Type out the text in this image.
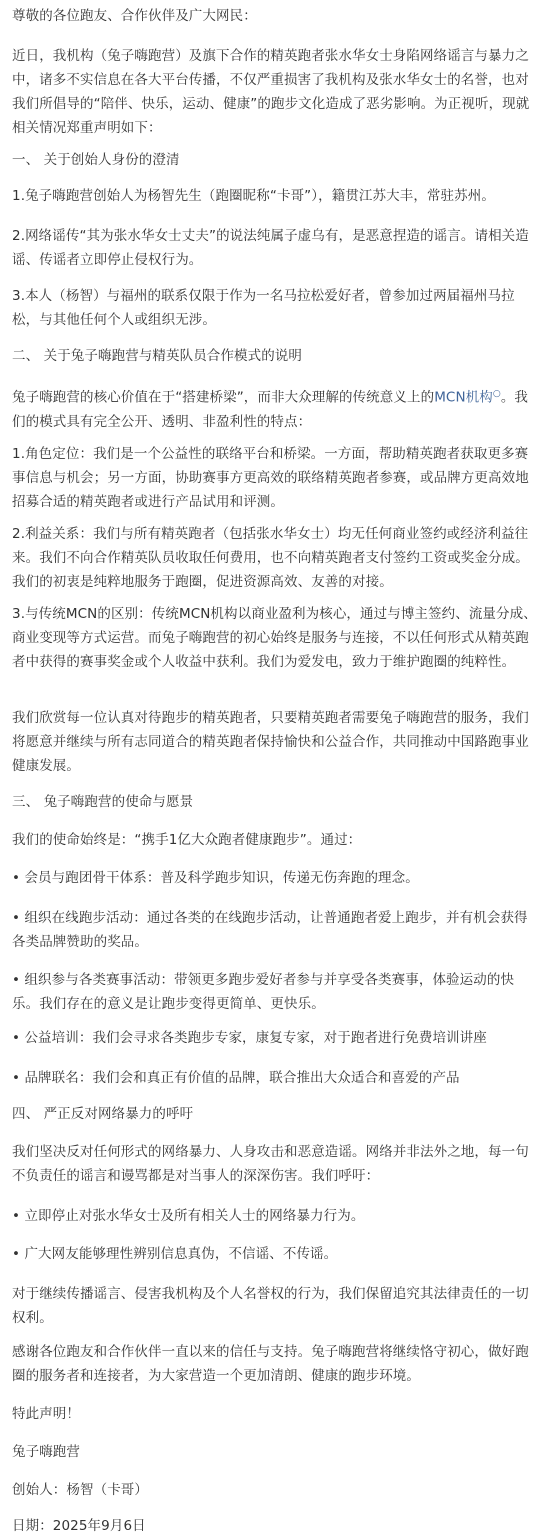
尊敬的各位跑友、合作伙伴及广大网民：

近日，我机构（兔子嗨跑营）及旗下合作的精英跑者张水华女士身陷网络谣言与暴力之中，诸多不实信息在各大平台传播，不仅严重损害了我机构及张水华女士的名誉，也对我们所倡导的“陪伴、快乐，运动、健康”的跑步文化造成了恶劣影响。为正视听，现就相关情况郑重声明如下：

一、 关于创始人身份的澄清

1.兔子嗨跑营创始人为杨智先生（跑圈昵称“卡哥”），籍贯江苏大丰，常驻苏州。

2.网络谣传“其为张水华女士丈夫”的说法纯属子虚乌有，是恶意捏造的谣言。请相关造谣、传谣者立即停止侵权行为。

3.本人（杨智）与福州的联系仅限于作为一名马拉松爱好者，曾参加过两届福州马拉松，与其他任何个人或组织无涉。

二、 关于兔子嗨跑营与精英队员合作模式的说明

兔子嗨跑营的核心价值在于“搭建桥梁”，而非大众理解的传统意义上的MCN机构○。我们的模式具有完全公开、透明、非盈利性的特点：

1.角色定位：我们是一个公益性的联络平台和桥梁。一方面，帮助精英跑者获取更多赛事信息与机会；另一方面，协助赛事方更高效的联络精英跑者参赛，或品牌方更高效地招募合适的精英跑者或进行产品试用和评测。

2.利益关系：我们与所有精英跑者（包括张水华女士）均无任何商业签约或经济利益往来。我们不向合作精英队员收取任何费用，也不向精英跑者支付签约工资或奖金分成。我们的初衷是纯粹地服务于跑圈，促进资源高效、友善的对接。

3.与传统MCN的区别：传统MCN机构以商业盈利为核心，通过与博主签约、流量分成、商业变现等方式运营。而兔子嗨跑营的初心始终是服务与连接，不以任何形式从精英跑者中获得的赛事奖金或个人收益中获利。我们为爱发电，致力于维护跑圈的纯粹性。

我们欣赏每一位认真对待跑步的精英跑者，只要精英跑者需要兔子嗨跑营的服务，我们将愿意并继续与所有志同道合的精英跑者保持愉快和公益合作，共同推动中国路跑事业健康发展。

三、 兔子嗨跑营的使命与愿景

我们的使命始终是：“携手1亿大众跑者健康跑步”。通过：

• 会员与跑团骨干体系：普及科学跑步知识，传递无伤奔跑的理念。

• 组织在线跑步活动：通过各类的在线跑步活动，让普通跑者爱上跑步，并有机会获得各类品牌赞助的奖品。

• 组织参与各类赛事活动：带领更多跑步爱好者参与并享受各类赛事，体验运动的快乐。我们存在的意义是让跑步变得更简单、更快乐。

• 公益培训：我们会寻求各类跑步专家，康复专家，对于跑者进行免费培训讲座

• 品牌联名：我们会和真正有价值的品牌，联合推出大众适合和喜爱的产品

四、 严正反对网络暴力的呼吁

我们坚决反对任何形式的网络暴力、人身攻击和恶意造谣。网络并非法外之地，每一句不负责任的谣言和谩骂都是对当事人的深深伤害。我们呼吁：

• 立即停止对张水华女士及所有相关人士的网络暴力行为。

• 广大网友能够理性辨别信息真伪，不信谣、不传谣。

对于继续传播谣言、侵害我机构及个人名誉权的行为，我们保留追究其法律责任的一切权利。

感谢各位跑友和合作伙伴一直以来的信任与支持。兔子嗨跑营将继续恪守初心，做好跑圈的服务者和连接者，为大家营造一个更加清朗、健康的跑步环境。

特此声明！

兔子嗨跑营

创始人：杨智（卡哥）

日期：2025年9月6日
